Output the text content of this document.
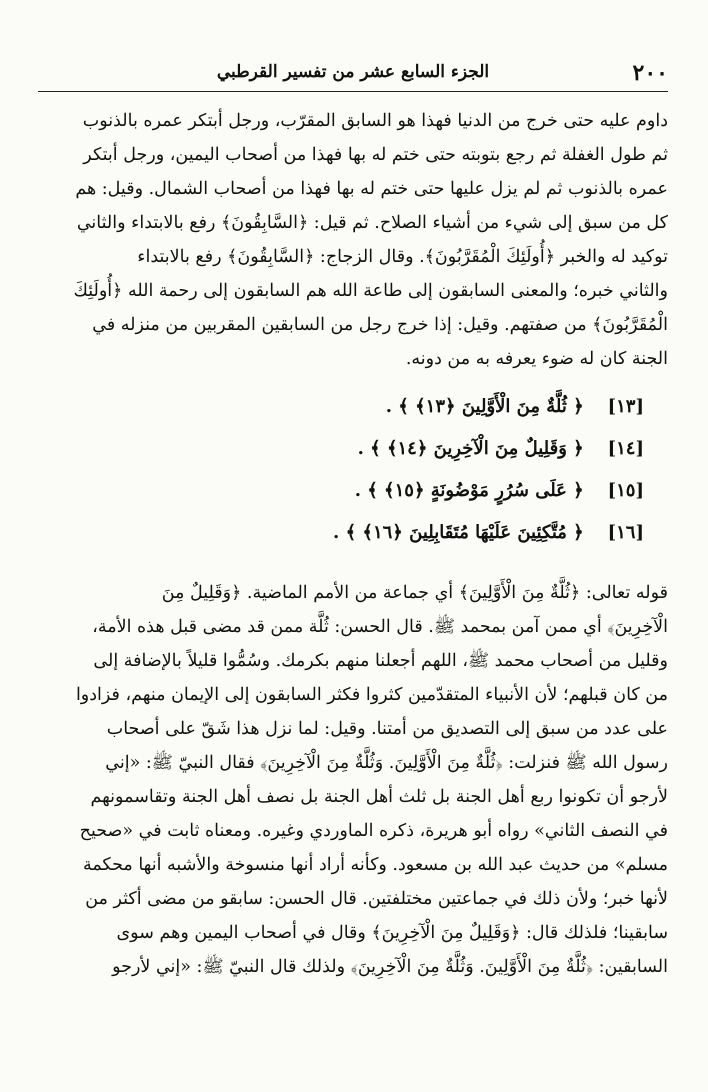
٢٠٠
الجزء السابع عشر من تفسير القرطبي
داوم عليه حتى خرج من الدنيا فهذا هو السابق المقرّب، ورجل أبتكر عمره بالذنوب
ثم طول الغفلة ثم رجع بتوبته حتى ختم له بها فهذا من أصحاب اليمين، ورجل أبتكر
عمره بالذنوب ثم لم يزل عليها حتى ختم له بها فهذا من أصحاب الشمال. وقيل: هم
كل من سبق إلى شيء من أشياء الصلاح. ثم قيل: ﴿السَّابِقُونَ﴾ رفع بالابتداء والثاني
توكيد له والخبر ﴿أُولَئِكَ الْمُقَرَّبُونَ﴾. وقال الزجاج: ﴿السَّابِقُونَ﴾ رفع بالابتداء
والثاني خبره؛ والمعنى السابقون إلى طاعة الله هم السابقون إلى رحمة الله ﴿أُولَئِكَ
الْمُقَرَّبُونَ﴾ من صفتهم. وقيل: إذا خرج رجل من السابقين المقربين من منزله في
الجنة كان له ضوء يعرفه به من دونه.
[١٣] ﴿ ثُلَّةٌ مِنَ الْأَوَّلِينَ ﴿١٣﴾ ﴾ .
[١٤] ﴿ وَقَلِيلٌ مِنَ الْآخِرِينَ ﴿١٤﴾ ﴾ .
[١٥] ﴿ عَلَى سُرُرٍ مَوْضُونَةٍ ﴿١٥﴾ ﴾ .
[١٦] ﴿ مُتَّكِئِينَ عَلَيْهَا مُتَقَابِلِينَ ﴿١٦﴾ ﴾ .
قوله تعالى: ﴿ثُلَّةٌ مِنَ الْأَوَّلِينَ﴾ أي جماعة من الأمم الماضية. ﴿وَقَلِيلٌ مِنَ
الْآخِرِينَ﴾ أي ممن آمن بمحمد ﷺ. قال الحسن: ثُلَّة ممن قد مضى قبل هذه الأمة،
وقليل من أصحاب محمد ﷺ، اللهم أجعلنا منهم بكرمك. وسُمُّوا قليلاً بالإضافة إلى
من كان قبلهم؛ لأن الأنبياء المتقدّمين كثروا فكثر السابقون إلى الإيمان منهم، فزادوا
على عدد من سبق إلى التصديق من أمتنا. وقيل: لما نزل هذا شَقّ على أصحاب
رسول الله ﷺ فنزلت: ﴿ثُلَّةٌ مِنَ الْأَوَّلِينَ. وَثُلَّةٌ مِنَ الْآخِرِينَ﴾ فقال النبيّ ﷺ: «إني
لأرجو أن تكونوا ربع أهل الجنة بل ثلث أهل الجنة بل نصف أهل الجنة وتقاسمونهم
في النصف الثاني» رواه أبو هريرة، ذكره الماوردي وغيره. ومعناه ثابت في «صحيح
مسلم» من حديث عبد الله بن مسعود. وكأنه أراد أنها منسوخة والأشبه أنها محكمة
لأنها خبر؛ ولأن ذلك في جماعتين مختلفتين. قال الحسن: سابقو من مضى أكثر من
سابقينا؛ فلذلك قال: ﴿وَقَلِيلٌ مِنَ الْآخِرِينَ﴾ وقال في أصحاب اليمين وهم سوى
السابقين: ﴿ثُلَّةٌ مِنَ الْأَوَّلِينَ. وَثُلَّةٌ مِنَ الْآخِرِينَ﴾ ولذلك قال النبيّ ﷺ: «إني لأرجو
